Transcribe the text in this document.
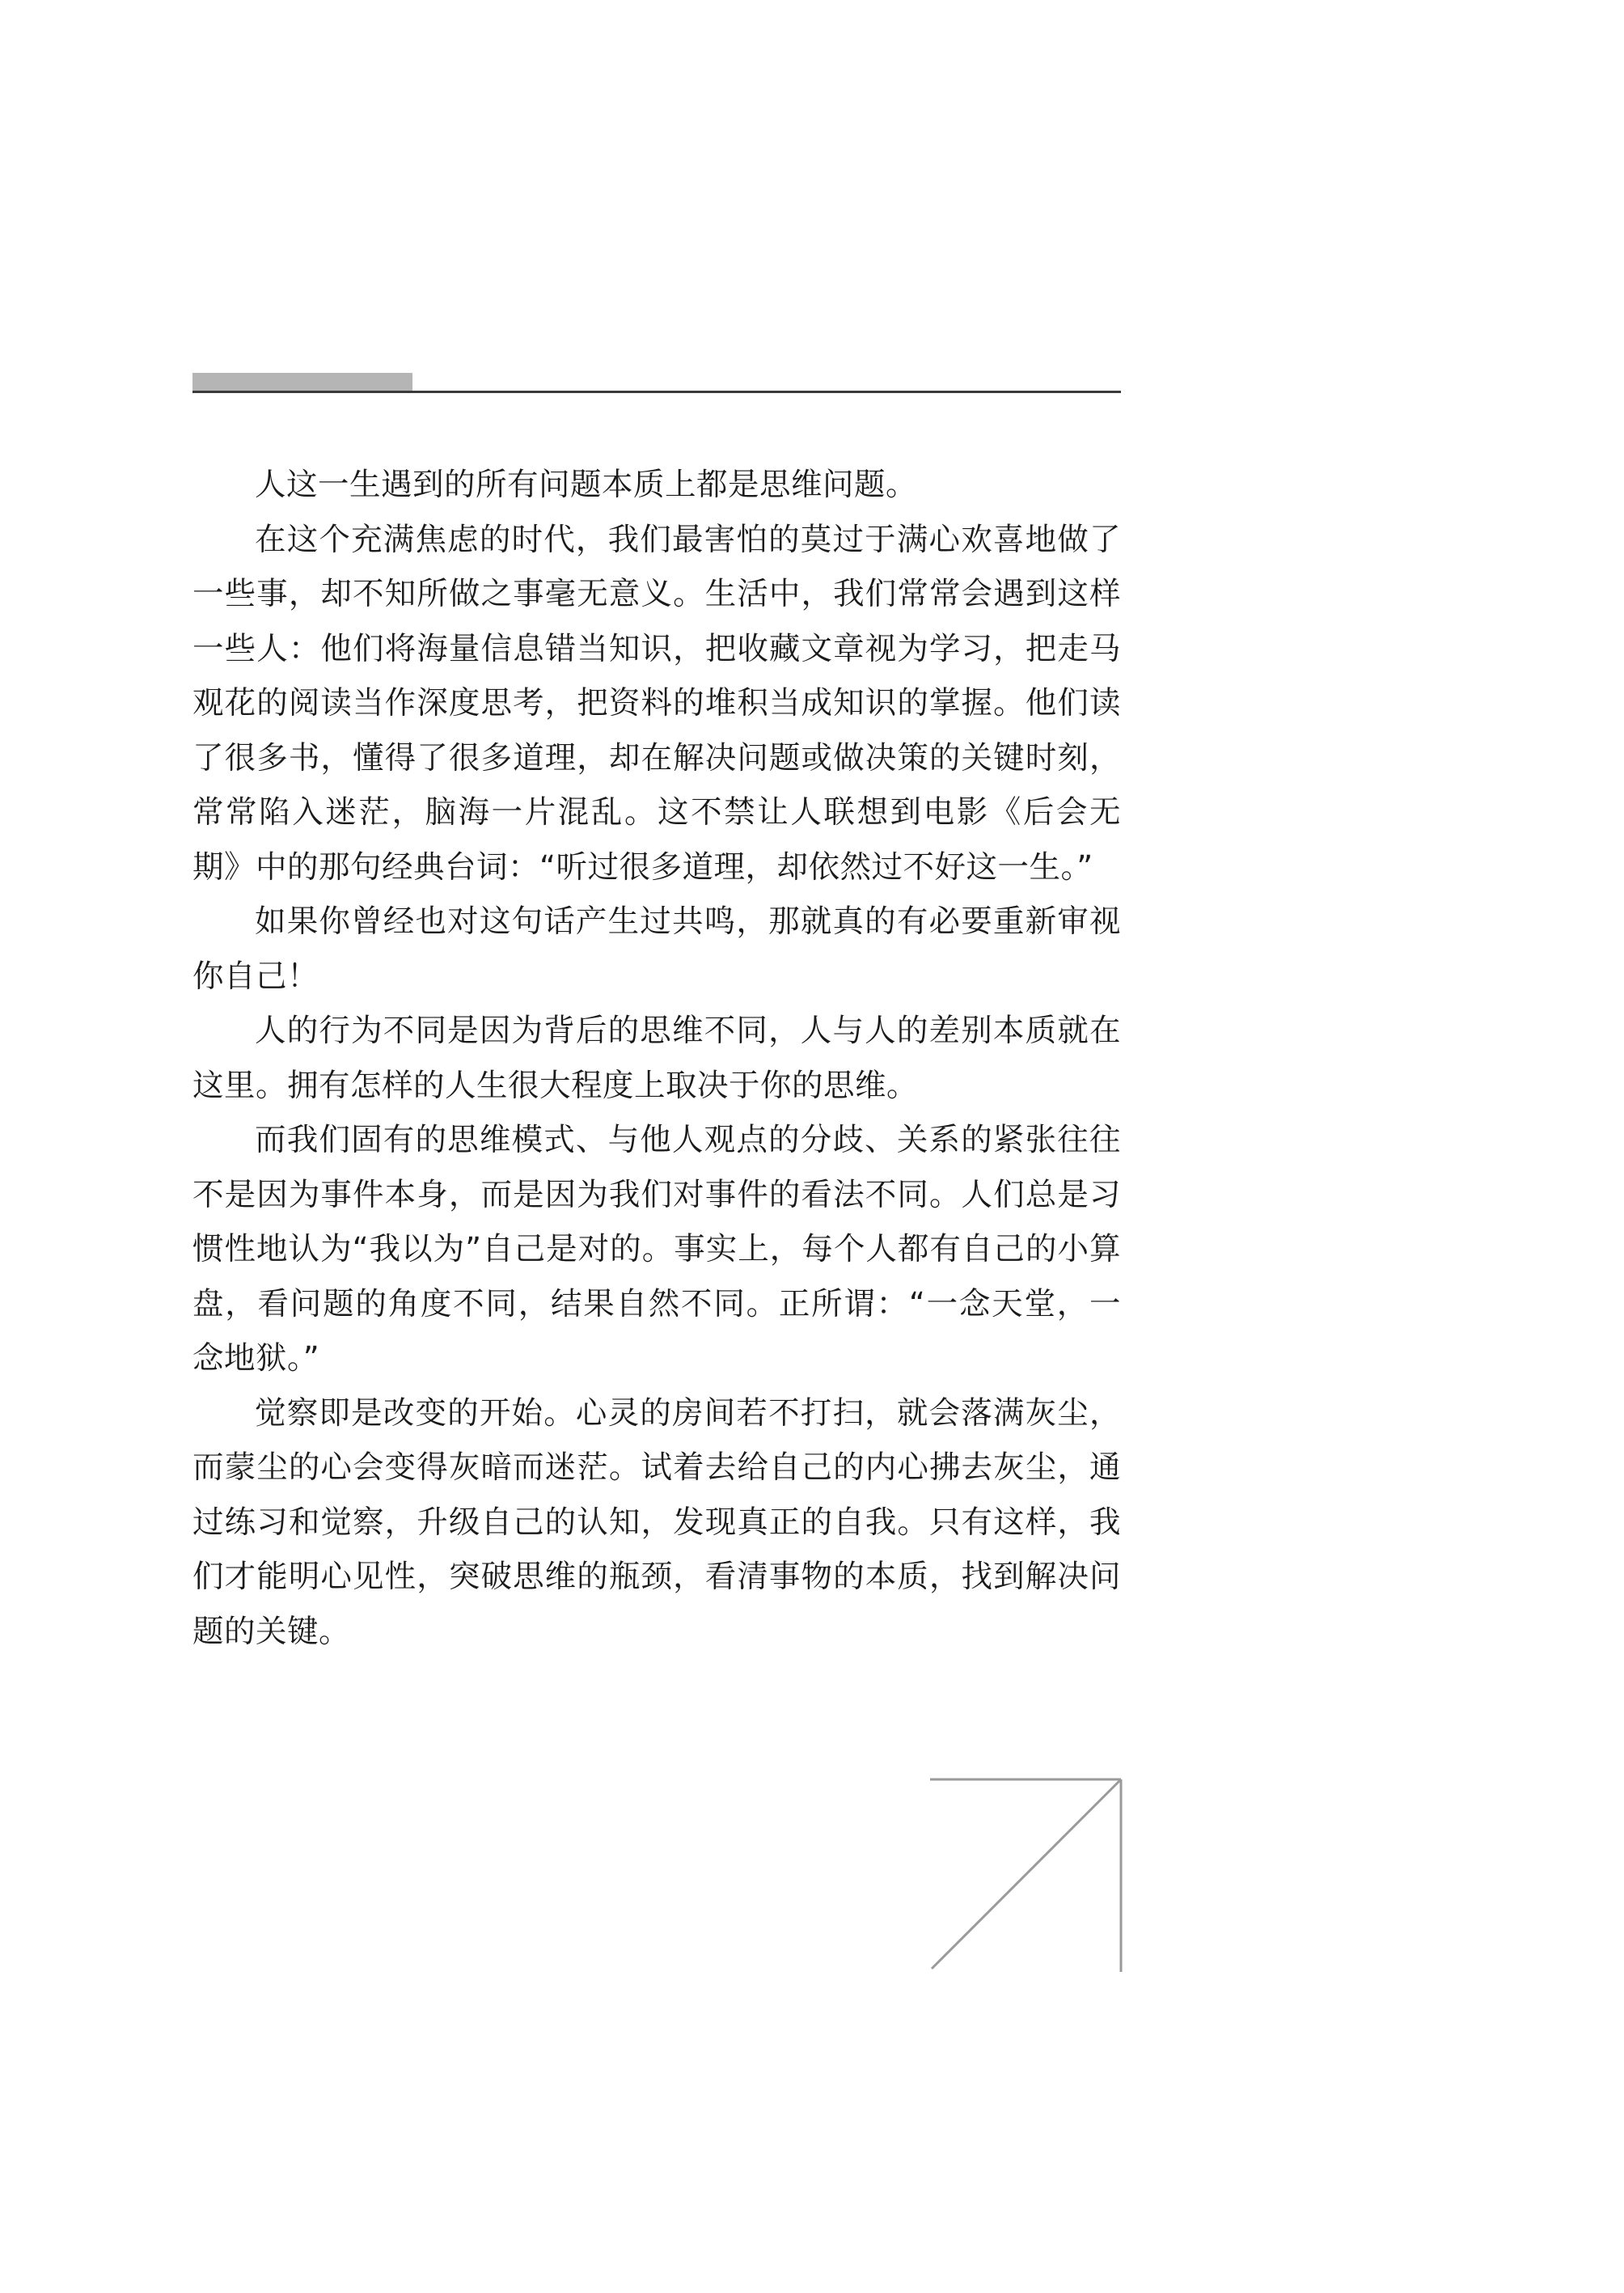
人这一生遇到的所有问题本质上都是思维问题。

在这个充满焦虑的时代，我们最害怕的莫过于满心欢喜地做了一些事，却不知所做之事毫无意义。生活中，我们常常会遇到这样一些人：他们将海量信息错当知识，把收藏文章视为学习，把走马观花的阅读当作深度思考，把资料的堆积当成知识的掌握。他们读了很多书，懂得了很多道理，却在解决问题或做决策的关键时刻，常常陷入迷茫，脑海一片混乱。这不禁让人联想到电影《后会无期》中的那句经典台词：“听过很多道理，却依然过不好这一生。”

如果你曾经也对这句话产生过共鸣，那就真的有必要重新审视你自己！

人的行为不同是因为背后的思维不同，人与人的差别本质就在这里。拥有怎样的人生很大程度上取决于你的思维。

而我们固有的思维模式、与他人观点的分歧、关系的紧张往往不是因为事件本身，而是因为我们对事件的看法不同。人们总是习惯性地认为“我以为”自己是对的。事实上，每个人都有自己的小算盘，看问题的角度不同，结果自然不同。正所谓：“一念天堂，一念地狱。”

觉察即是改变的开始。心灵的房间若不打扫，就会落满灰尘，而蒙尘的心会变得灰暗而迷茫。试着去给自己的内心拂去灰尘，通过练习和觉察，升级自己的认知，发现真正的自我。只有这样，我们才能明心见性，突破思维的瓶颈，看清事物的本质，找到解决问题的关键。
